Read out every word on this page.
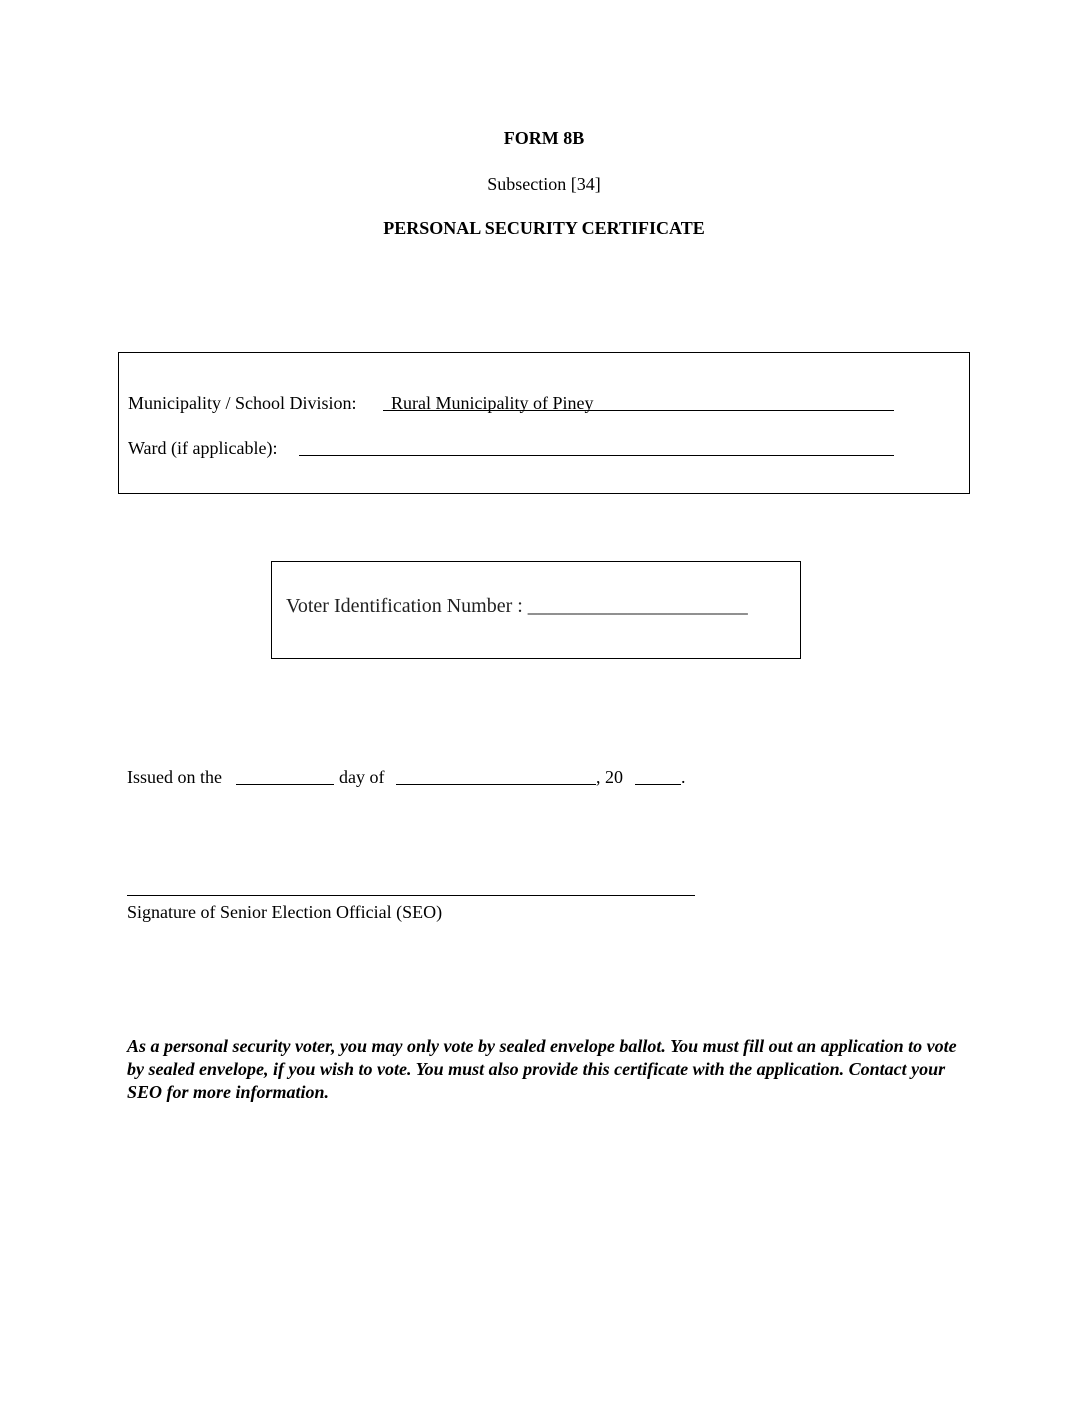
FORM 8B
Subsection [34]
PERSONAL SECURITY CERTIFICATE
Municipality / School Division: Rural Municipality of Piney
Ward (if applicable):
Voter Identification Number : ______________________
Issued on the	day of	, 20	.
Signature of Senior Election Official (SEO)
As a personal security voter, you may only vote by sealed envelope ballot. You must fill out an application to vote by sealed envelope, if you wish to vote. You must also provide this certificate with the application. Contact your SEO for more information.
